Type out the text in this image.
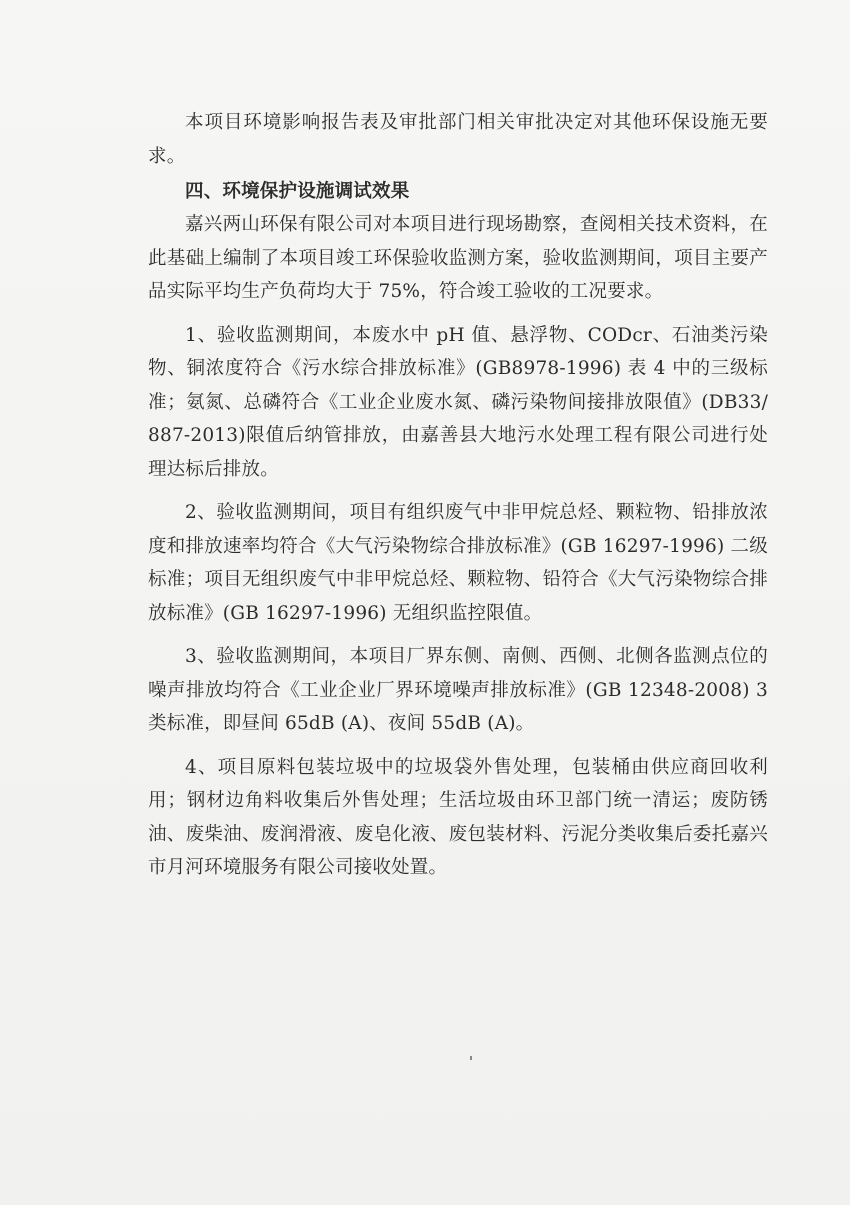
本项目环境影响报告表及审批部门相关审批决定对其他环保设施无要求。

四、环境保护设施调试效果

嘉兴两山环保有限公司对本项目进行现场勘察，查阅相关技术资料，在此基础上编制了本项目竣工环保验收监测方案，验收监测期间，项目主要产品实际平均生产负荷均大于 75%，符合竣工验收的工况要求。

1、验收监测期间，本废水中 pH 值、悬浮物、CODcr、石油类污染物、铜浓度符合《污水综合排放标准》(GB8978-1996) 表 4 中的三级标准；氨氮、总磷符合《工业企业废水氮、磷污染物间接排放限值》(DB33/887-2013)限值后纳管排放，由嘉善县大地污水处理工程有限公司进行处理达标后排放。

2、验收监测期间，项目有组织废气中非甲烷总烃、颗粒物、铅排放浓度和排放速率均符合《大气污染物综合排放标准》(GB 16297-1996) 二级标准；项目无组织废气中非甲烷总烃、颗粒物、铅符合《大气污染物综合排放标准》(GB 16297-1996) 无组织监控限值。

3、验收监测期间，本项目厂界东侧、南侧、西侧、北侧各监测点位的噪声排放均符合《工业企业厂界环境噪声排放标准》(GB 12348-2008) 3 类标准，即昼间 65dB (A)、夜间 55dB (A)。

4、项目原料包装垃圾中的垃圾袋外售处理，包装桶由供应商回收利用；钢材边角料收集后外售处理；生活垃圾由环卫部门统一清运；废防锈油、废柴油、废润滑液、废皂化液、废包装材料、污泥分类收集后委托嘉兴市月河环境服务有限公司接收处置。
